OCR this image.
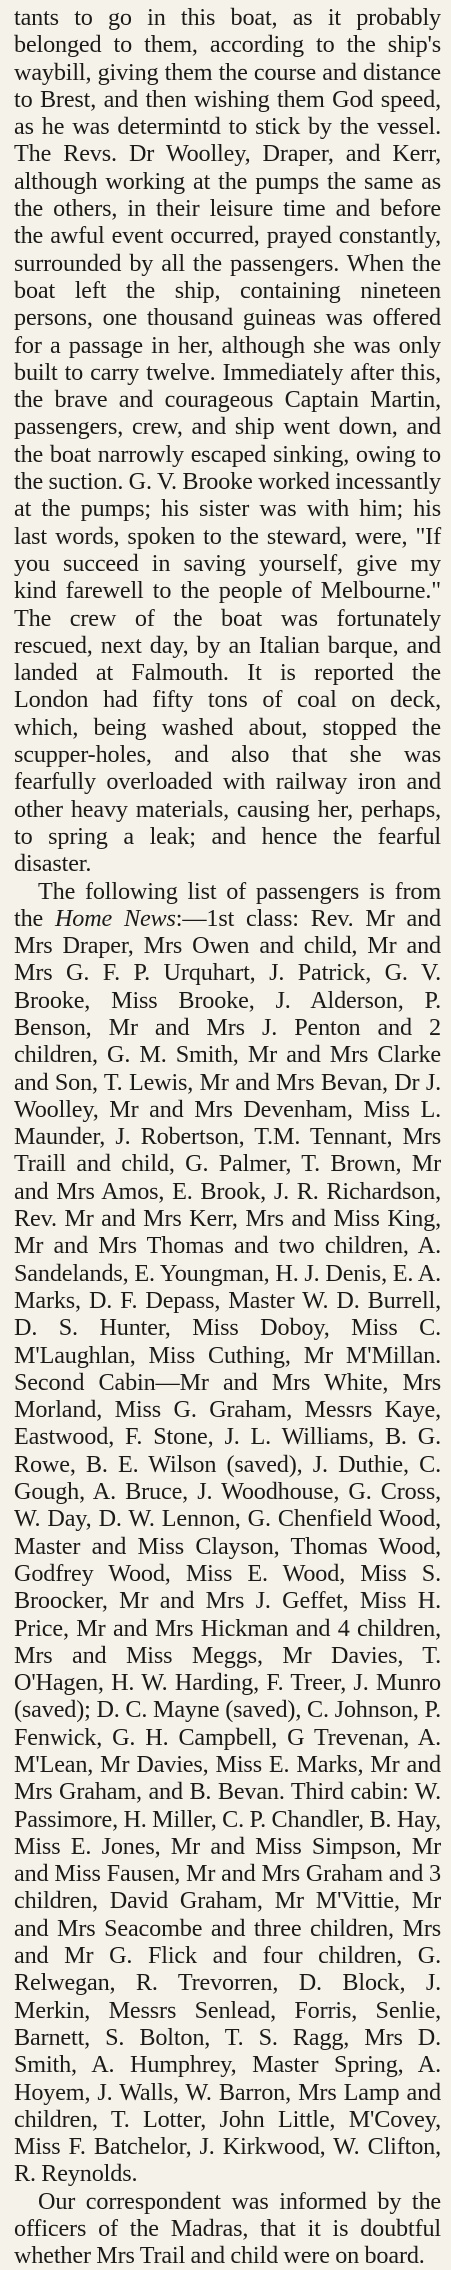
tants to go in this boat, as it probably belonged to them, according to the ship's waybill, giving them the course and distance to Brest, and then wishing them God speed, as he was determintd to stick by the vessel. The Revs. Dr Woolley, Draper, and Kerr, although working at the pumps the same as the others, in their leisure time and before the awful event occurred, prayed constantly, surrounded by all the passengers. When the boat left the ship, containing nineteen persons, one thousand guineas was offered for a passage in her, although she was only built to carry twelve. Immediately after this, the brave and courageous Captain Martin, passengers, crew, and ship went down, and the boat narrowly escaped sinking, owing to the suction. G. V. Brooke worked incessantly at the pumps; his sister was with him; his last words, spoken to the steward, were, "If you succeed in saving yourself, give my kind farewell to the people of Melbourne." The crew of the boat was fortunately rescued, next day, by an Italian barque, and landed at Falmouth. It is reported the London had fifty tons of coal on deck, which, being washed about, stopped the scupper-holes, and also that she was fearfully overloaded with railway iron and other heavy materials, causing her, perhaps, to spring a leak; and hence the fearful disaster.

The following list of passengers is from the Home News:—1st class: Rev. Mr and Mrs Draper, Mrs Owen and child, Mr and Mrs G. F. P. Urquhart, J. Patrick, G. V. Brooke, Miss Brooke, J. Alderson, P. Benson, Mr and Mrs J. Penton and 2 children, G. M. Smith, Mr and Mrs Clarke and Son, T. Lewis, Mr and Mrs Bevan, Dr J. Woolley, Mr and Mrs Devenham, Miss L. Maunder, J. Robertson, T.M. Tennant, Mrs Traill and child, G. Palmer, T. Brown, Mr and Mrs Amos, E. Brook, J. R. Richardson, Rev. Mr and Mrs Kerr, Mrs and Miss King, Mr and Mrs Thomas and two children, A. Sandelands, E. Youngman, H. J. Denis, E. A. Marks, D. F. Depass, Master W. D. Burrell, D. S. Hunter, Miss Doboy, Miss C. M'Laughlan, Miss Cuthing, Mr M'Millan. Second Cabin—Mr and Mrs White, Mrs Morland, Miss G. Graham, Messrs Kaye, Eastwood, F. Stone, J. L. Williams, B. G. Rowe, B. E. Wilson (saved), J. Duthie, C. Gough, A. Bruce, J. Woodhouse, G. Cross, W. Day, D. W. Lennon, G. Chenfield Wood, Master and Miss Clayson, Thomas Wood, Godfrey Wood, Miss E. Wood, Miss S. Broocker, Mr and Mrs J. Geffet, Miss H. Price, Mr and Mrs Hickman and 4 children, Mrs and Miss Meggs, Mr Davies, T. O'Hagen, H. W. Harding, F. Treer, J. Munro (saved); D. C. Mayne (saved), C. Johnson, P. Fenwick, G. H. Campbell, G Trevenan, A. M'Lean, Mr Davies, Miss E. Marks, Mr and Mrs Graham, and B. Bevan. Third cabin: W. Passimore, H. Miller, C. P. Chandler, B. Hay, Miss E. Jones, Mr and Miss Simpson, Mr and Miss Fausen, Mr and Mrs Graham and 3 children, David Graham, Mr M'Vittie, Mr and Mrs Seacombe and three children, Mrs and Mr G. Flick and four children, G. Relwegan, R. Trevorren, D. Block, J. Merkin, Messrs Senlead, Forris, Senlie, Barnett, S. Bolton, T. S. Ragg, Mrs D. Smith, A. Humphrey, Master Spring, A. Hoyem, J. Walls, W. Barron, Mrs Lamp and children, T. Lotter, John Little, M'Covey, Miss F. Batchelor, J. Kirkwood, W. Clifton, R. Reynolds.

Our correspondent was informed by the officers of the Madras, that it is doubtful whether Mrs Trail and child were on board.
